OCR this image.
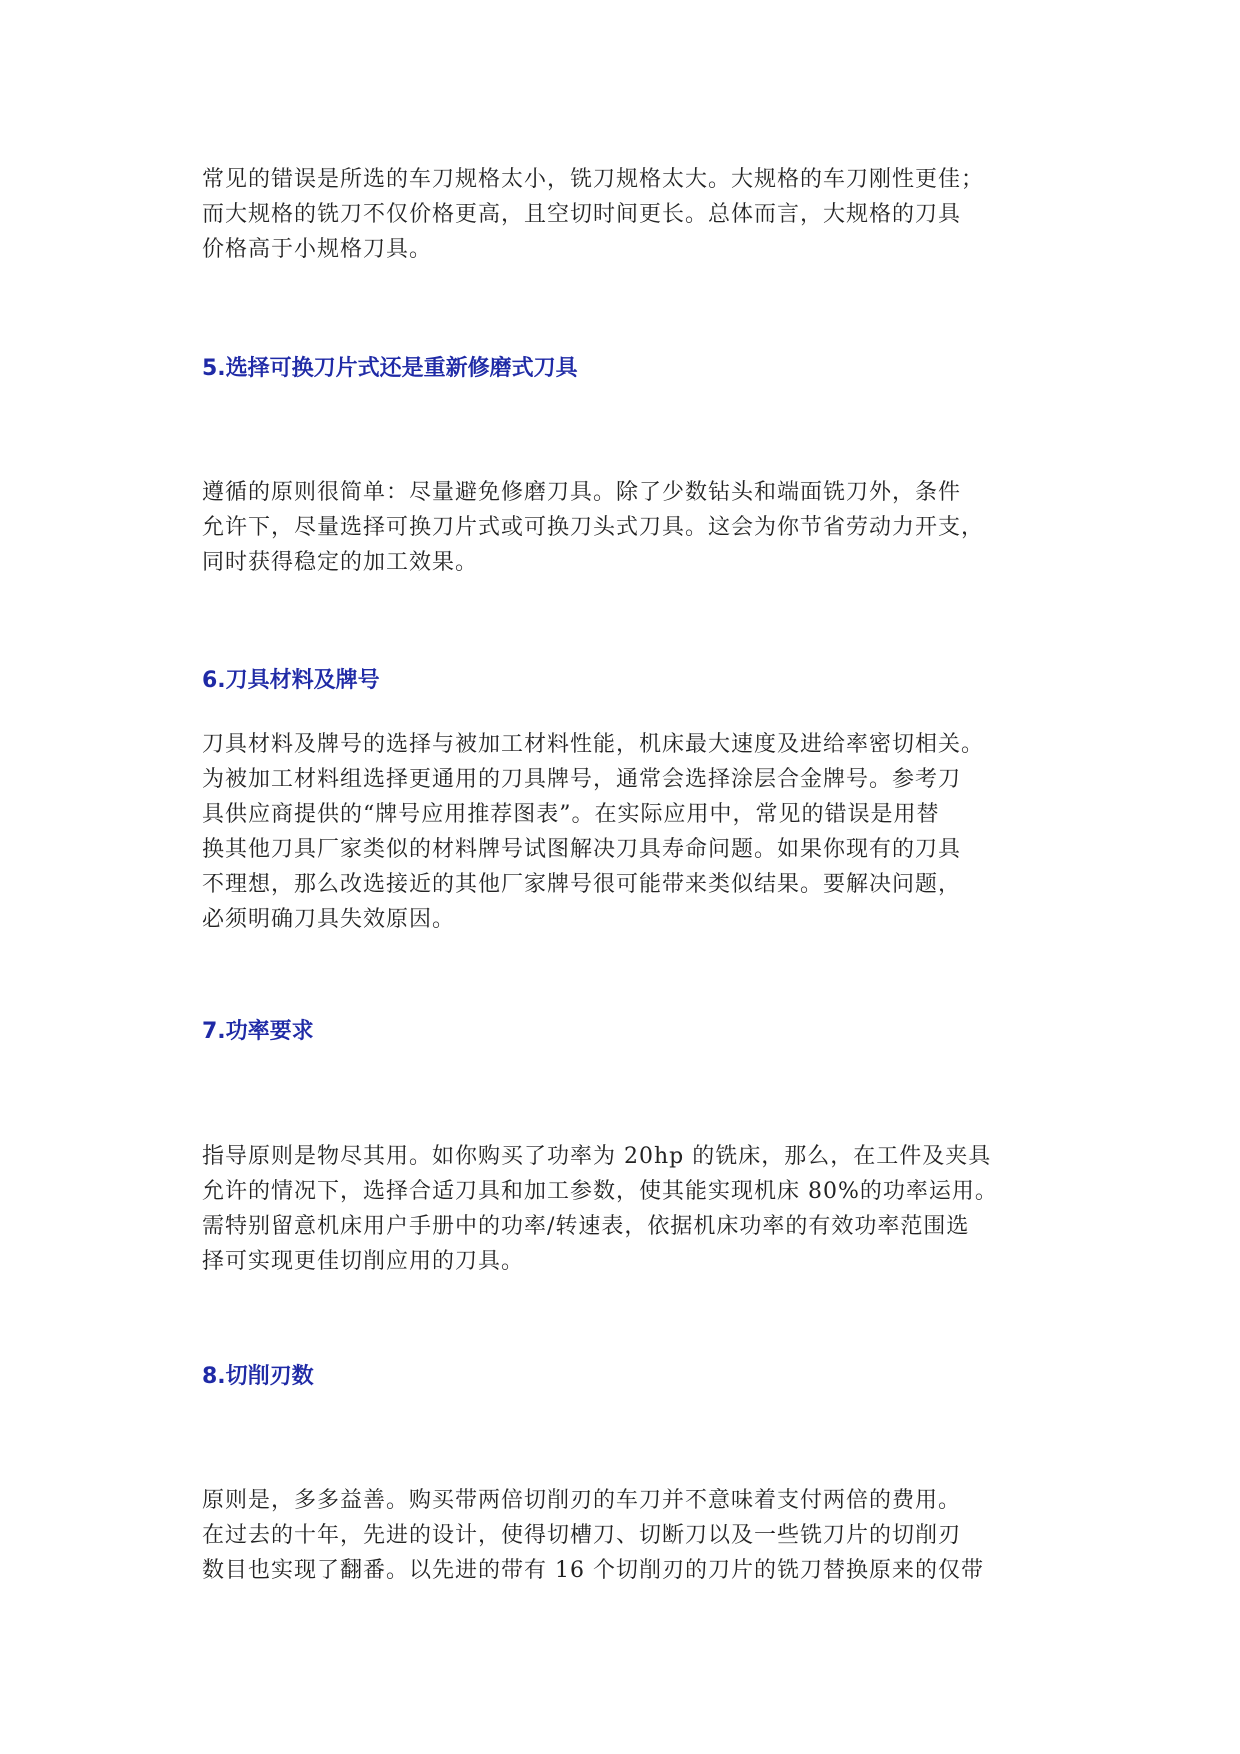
常见的错误是所选的车刀规格太小，铣刀规格太大。大规格的车刀刚性更佳；
而大规格的铣刀不仅价格更高，且空切时间更长。总体而言，大规格的刀具
价格高于小规格刀具。

5.选择可换刀片式还是重新修磨式刀具

遵循的原则很简单：尽量避免修磨刀具。除了少数钻头和端面铣刀外，条件
允许下，尽量选择可换刀片式或可换刀头式刀具。这会为你节省劳动力开支，
同时获得稳定的加工效果。

6.刀具材料及牌号

刀具材料及牌号的选择与被加工材料性能，机床最大速度及进给率密切相关。
为被加工材料组选择更通用的刀具牌号，通常会选择涂层合金牌号。参考刀
具供应商提供的“牌号应用推荐图表”。在实际应用中，常见的错误是用替
换其他刀具厂家类似的材料牌号试图解决刀具寿命问题。如果你现有的刀具
不理想，那么改选接近的其他厂家牌号很可能带来类似结果。要解决问题，
必须明确刀具失效原因。

7.功率要求

指导原则是物尽其用。如你购买了功率为 20hp 的铣床，那么，在工件及夹具
允许的情况下，选择合适刀具和加工参数，使其能实现机床 80%的功率运用。
需特别留意机床用户手册中的功率/转速表，依据机床功率的有效功率范围选
择可实现更佳切削应用的刀具。

8.切削刃数

原则是，多多益善。购买带两倍切削刃的车刀并不意味着支付两倍的费用。
在过去的十年，先进的设计，使得切槽刀、切断刀以及一些铣刀片的切削刃
数目也实现了翻番。以先进的带有 16 个切削刃的刀片的铣刀替换原来的仅带
